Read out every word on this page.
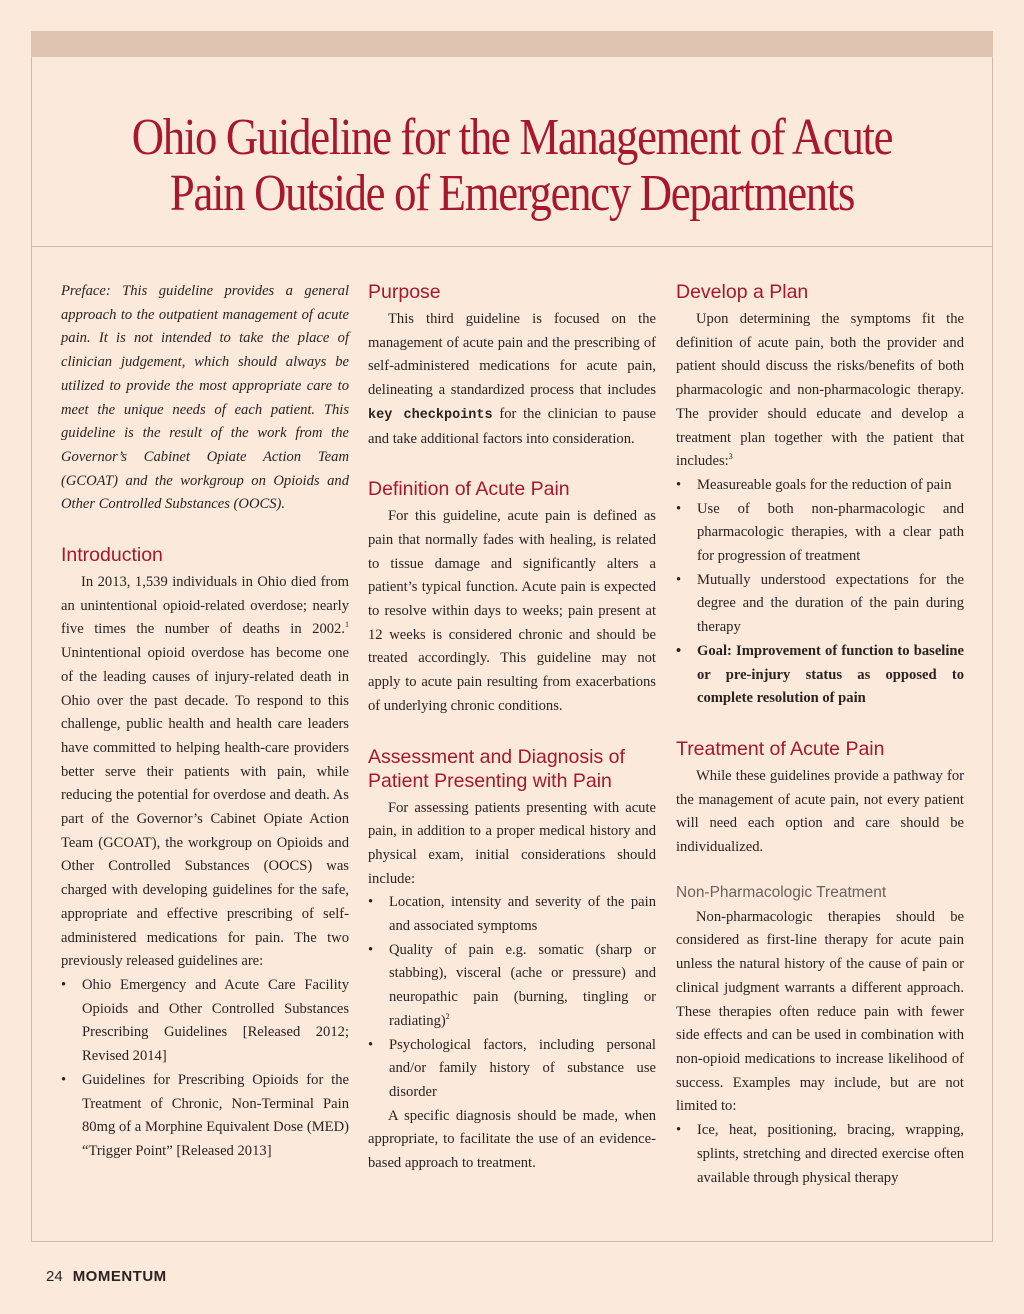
Ohio Guideline for the Management of Acute
Pain Outside of Emergency Departments

Preface: This guideline provides a general approach to the outpatient management of acute pain. It is not intended to take the place of clinician judgement, which should always be utilized to provide the most appropriate care to meet the unique needs of each patient. This guideline is the result of the work from the Governor’s Cabinet Opiate Action Team (GCOAT) and the workgroup on Opioids and Other Controlled Substances (OOCS).

Introduction

In 2013, 1,539 individuals in Ohio died from an unintentional opioid-related overdose; nearly five times the number of deaths in 2002.$^1$ Unintentional opioid overdose has become one of the leading causes of injury-related death in Ohio over the past decade. To respond to this challenge, public health and health care leaders have committed to helping health-care providers better serve their patients with pain, while reducing the potential for overdose and death. As part of the Governor’s Cabinet Opiate Action Team (GCOAT), the workgroup on Opioids and Other Controlled Substances (OOCS) was charged with developing guidelines for the safe, appropriate and effective prescribing of self-administered medications for pain. The two previously released guidelines are:

• Ohio Emergency and Acute Care Facility Opioids and Other Controlled Substances Prescribing Guidelines [Released 2012; Revised 2014]
• Guidelines for Prescribing Opioids for the Treatment of Chronic, Non-Terminal Pain 80mg of a Morphine Equivalent Dose (MED) “Trigger Point” [Released 2013]
Purpose

This third guideline is focused on the management of acute pain and the prescribing of self-administered medications for acute pain, delineating a standardized process that includes key checkpoints for the clinician to pause and take additional factors into consideration.

Definition of Acute Pain

For this guideline, acute pain is defined as pain that normally fades with healing, is related to tissue damage and significantly alters a patient’s typical function. Acute pain is expected to resolve within days to weeks; pain present at 12 weeks is considered chronic and should be treated accordingly. This guideline may not apply to acute pain resulting from exacerbations of underlying chronic conditions.

Assessment and Diagnosis of Patient Presenting with Pain

For assessing patients presenting with acute pain, in addition to a proper medical history and physical exam, initial considerations should include:

• Location, intensity and severity of the pain and associated symptoms
• Quality of pain e.g. somatic (sharp or stabbing), visceral (ache or pressure) and neuropathic pain (burning, tingling or radiating)$^2$
• Psychological factors, including personal and/or family history of substance use disorder

A specific diagnosis should be made, when appropriate, to facilitate the use of an evidence-based approach to treatment.

Develop a Plan

Upon determining the symptoms fit the definition of acute pain, both the provider and patient should discuss the risks/benefits of both pharmacologic and non-pharmacologic therapy. The provider should educate and develop a treatment plan together with the patient that includes:$^3$

• Measureable goals for the reduction of pain
• Use of both non-pharmacologic and pharmacologic therapies, with a clear path for progression of treatment
• Mutually understood expectations for the degree and the duration of the pain during therapy
• Goal: Improvement of function to baseline or pre-injury status as opposed to complete resolution of pain
Treatment of Acute Pain

While these guidelines provide a pathway for the management of acute pain, not every patient will need each option and care should be individualized.

Non-Pharmacologic Treatment

Non-pharmacologic therapies should be considered as first-line therapy for acute pain unless the natural history of the cause of pain or clinical judgment warrants a different approach. These therapies often reduce pain with fewer side effects and can be used in combination with non-opioid medications to increase likelihood of success. Examples may include, but are not limited to:

• Ice, heat, positioning, bracing, wrapping, splints, stretching and directed exercise often available through physical therapy
24 MOMENTUM
